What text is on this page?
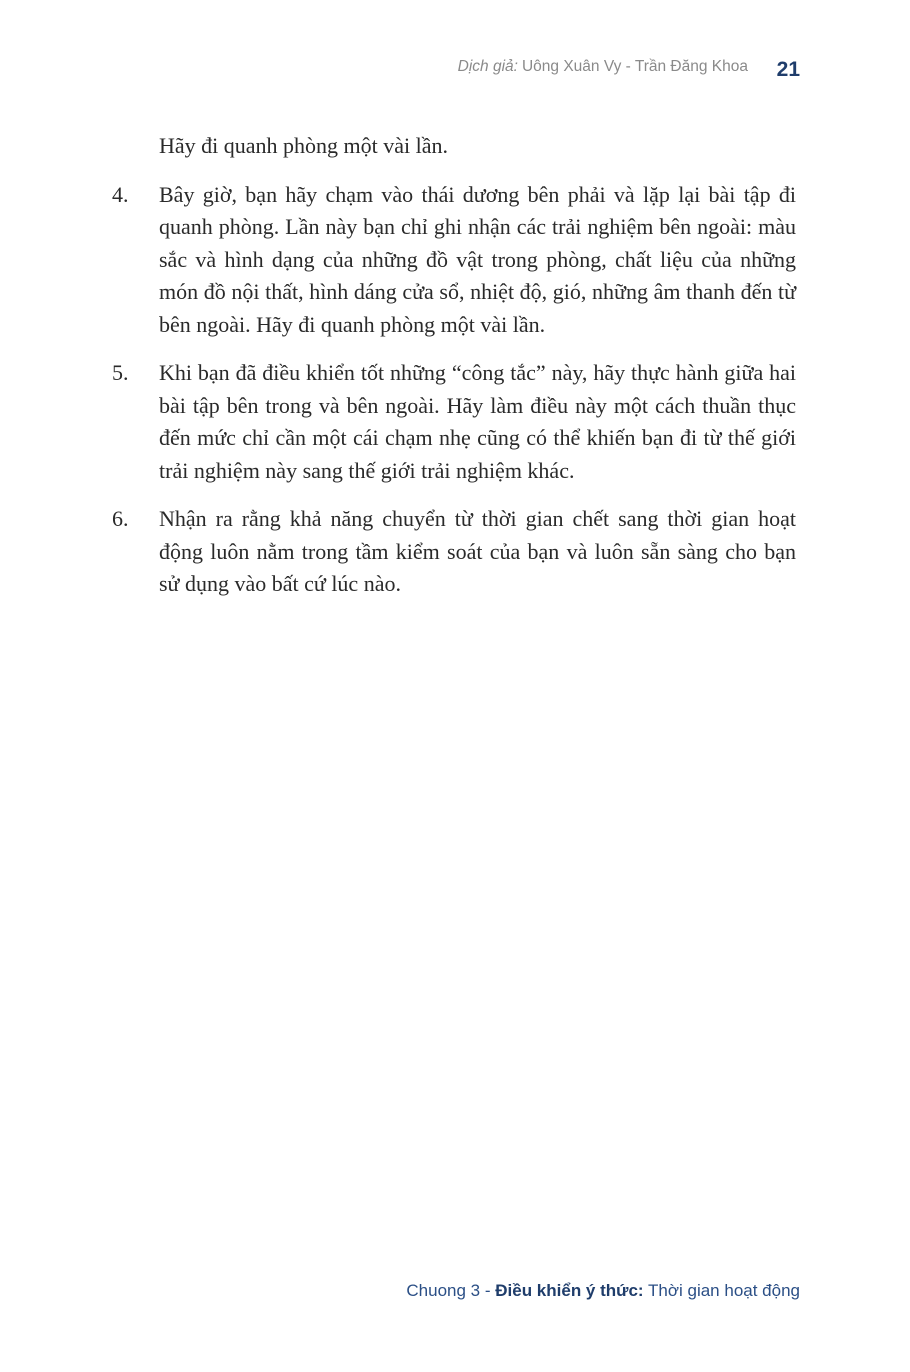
Dịch giả: Uông Xuân Vy - Trần Đăng Khoa 21

Hãy đi quanh phòng một vài lần.

4.	Bây giờ, bạn hãy chạm vào thái dương bên phải và lặp lại bài tập đi quanh phòng. Lần này bạn chỉ ghi nhận các trải nghiệm bên ngoài: màu sắc và hình dạng của những đồ vật trong phòng, chất liệu của những món đồ nội thất, hình dáng cửa sổ, nhiệt độ, gió, những âm thanh đến từ bên ngoài. Hãy đi quanh phòng một vài lần.
5.	Khi bạn đã điều khiển tốt những “công tắc” này, hãy thực hành giữa hai bài tập bên trong và bên ngoài. Hãy làm điều này một cách thuần thục đến mức chỉ cần một cái chạm nhẹ cũng có thể khiến bạn đi từ thế giới trải nghiệm này sang thế giới trải nghiệm khác.
6.	Nhận ra rằng khả năng chuyển từ thời gian chết sang thời gian hoạt động luôn nằm trong tầm kiểm soát của bạn và luôn sẵn sàng cho bạn sử dụng vào bất cứ lúc nào.
Chuong 3 - Điều khiển ý thức: Thời gian hoạt động
